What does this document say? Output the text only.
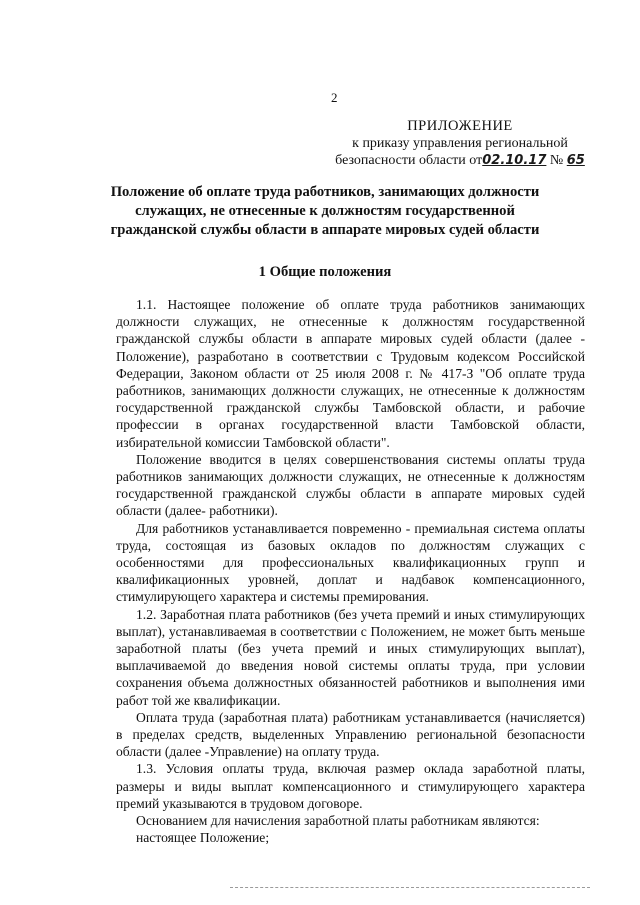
2
ПРИЛОЖЕНИЕ
к приказу управления региональной
безопасности области от02.10.17 № 65
Положение об оплате труда работников, занимающих должности служащих, не отнесенные к должностям государственной гражданской службы области в аппарате мировых судей области
1 Общие положения

1.1. Настоящее положение об оплате труда работников занимающих должности служащих, не отнесенные к должностям государственной гражданской службы области в аппарате мировых судей области (далее - Положение), разработано в соответствии с Трудовым кодексом Российской Федерации, Законом области от 25 июля 2008 г. № 417-З "Об оплате труда работников, занимающих должности служащих, не отнесенные к должностям государственной гражданской службы Тамбовской области, и рабочие профессии в органах государственной власти Тамбовской области, избирательной комиссии Тамбовской области".

Положение вводится в целях совершенствования системы оплаты труда работников занимающих должности служащих, не отнесенные к должностям государственной гражданской службы области в аппарате мировых судей области (далее- работники).

Для работников устанавливается повременно - премиальная система оплаты труда, состоящая из базовых окладов по должностям служащих с особенностями для профессиональных квалификационных групп и квалификационных уровней, доплат и надбавок компенсационного, стимулирующего характера и системы премирования.

1.2. Заработная плата работников (без учета премий и иных стимулирующих выплат), устанавливаемая в соответствии с Положением, не может быть меньше заработной платы (без учета премий и иных стимулирующих выплат), выплачиваемой до введения новой системы оплаты труда, при условии сохранения объема должностных обязанностей работников и выполнения ими работ той же квалификации.

Оплата труда (заработная плата) работникам устанавливается (начисляется) в пределах средств, выделенных Управлению региональной безопасности области (далее -Управление) на оплату труда.

1.3. Условия оплаты труда, включая размер оклада заработной платы, размеры и виды выплат компенсационного и стимулирующего характера премий указываются в трудовом договоре.

Основанием для начисления заработной платы работникам являются:

настоящее Положение;
